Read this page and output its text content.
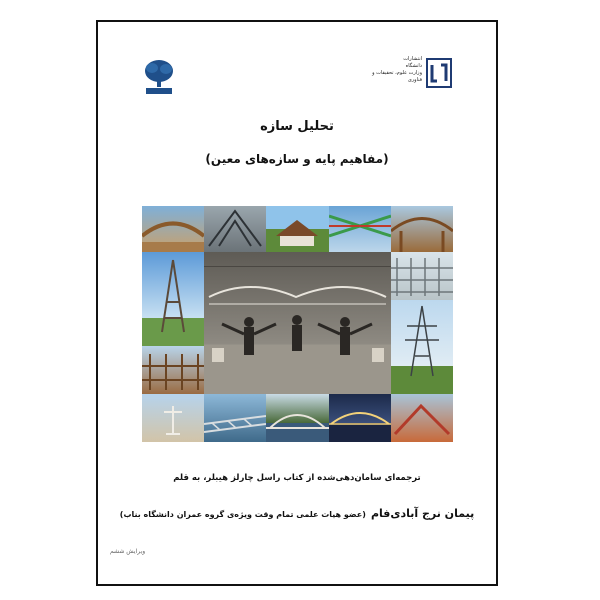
انتشارات
دانشگاه
وزارت علوم، تحقیقات و فناوری
تحلیل سازه
(مفاهیم پایه و سازه‌های معین)
ترجمه‌ای سامان‌دهی‌شده از کتاب راسل چارلز هیبلر، به قلم
پیمان نرج آبادی‌فام (عضو هیات علمی تمام وقت ویژه‌ی گروه عمران دانشگاه بناب)
ویرایش ششم
